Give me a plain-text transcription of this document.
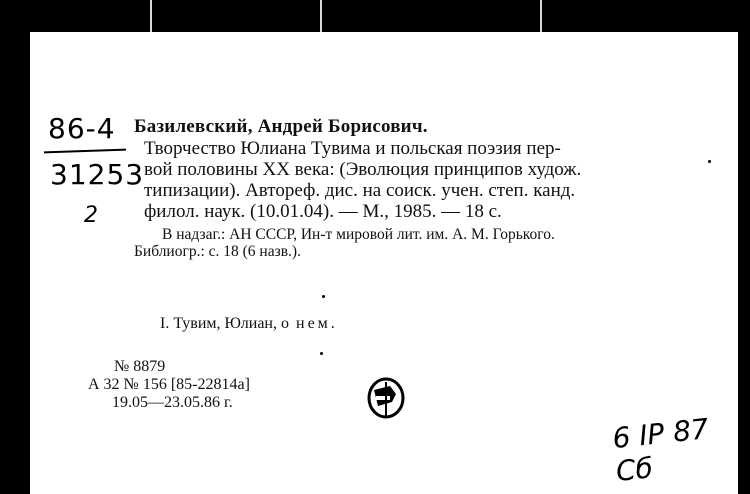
86-4
31253
2
Базилевский, Андрей Борисович.
Творчество Юлиана Тувима и польская поэзия пер-
вой половины XX века: (Эволюция принципов худож.
типизации). Автореф. дис. на соиск. учен. степ. канд.
филол. наук. (10.01.04). — М., 1985. — 18 с.
В надзаг.: АН СССР, Ин-т мировой лит. им. А. М. Горького.
Библиогр.: с. 18 (6 назв.).
I. Тувим, Юлиан, о нем.
№ 8879
А 32 № 156 [85-22814а]
19.05—23.05.86 г.
6 IP 87 Сб
